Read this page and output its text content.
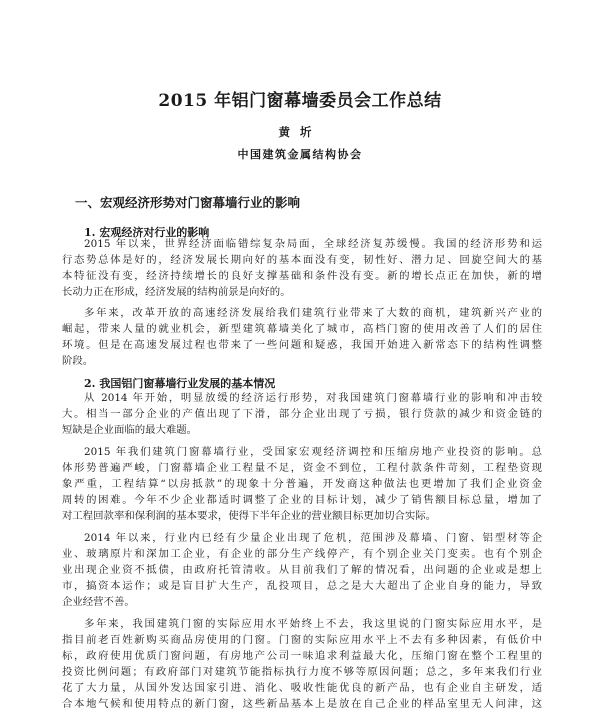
2015 年铝门窗幕墙委员会工作总结
黄圻
中国建筑金属结构协会
一、宏观经济形势对门窗幕墙行业的影响
1. 宏观经济对行业的影响
2015 年以来，世界经济面临错综复杂局面，全球经济复苏缓慢。我国的经济形势和运
行态势总体是好的，经济发展长期向好的基本面没有变，韧性好、潜力足、回旋空间大的基
本特征没有变，经济持续增长的良好支撑基础和条件没有变。新的增长点正在加快，新的增
长动力正在形成，经济发展的结构前景是向好的。
多年来，改革开放的高速经济发展给我们建筑行业带来了大数的商机，建筑新兴产业的
崛起，带来人量的就业机会，新型建筑幕墙美化了城市，高档门窗的使用改善了人们的居住
环境。但是在高速发展过程也带来了一些问题和疑惑，我国开始进入新常态下的结构性调整
阶段。
2. 我国铝门窗幕墙行业发展的基本情况
从 2014 年开始，明显放缓的经济运行形势，对我国建筑门窗幕墙行业的影响和冲击较
大。相当一部分企业的产值出现了下滑，部分企业出现了亏损，银行贷款的减少和资金链的
短缺是企业面临的最大难题。
2015 年我们建筑门窗幕墙行业，受国家宏观经济调控和压缩房地产业投资的影响。总
体形势普遍严峻，门窗幕墙企业工程量不足，资金不到位，工程付款条件苛刻，工程垫资现
象严重，工程结算“以房抵款”的现象十分普遍，开发商这种做法也更增加了我们企业资金
周转的困难。今年不少企业都适时调整了企业的目标计划，减少了销售额目标总量，增加了
对工程回款率和保利润的基本要求，使得下半年企业的营业额目标更加切合实际。
2014 年以来，行业内已经有少量企业出现了危机，范围涉及幕墙、门窗、铝型材等企
业、玻璃原片和深加工企业，有企业的部分生产线停产，有个别企业关门变卖。也有个别企
业出现企业资不抵债，由政府托管清收。从目前我们了解的情况看，出问题的企业或是想上
市，搞资本运作；或是盲目扩大生产，乱投项目，总之是大大超出了企业自身的能力，导致
企业经营不善。
多年来，我国建筑门窗的实际应用水平始终上不去，我这里说的门窗实际应用水平，是
指目前老百姓新购买商品房使用的门窗。门窗的实际应用水平上不去有多种因素，有低价中
标，政府使用优质门窗问题，有房地产公司一味追求利益最大化，压缩门窗在整个工程里的
投资比例问题；有政府部门对建筑节能指标执行力度不够等原因问题；总之，多年来我们行业
花了大力量，从国外发达国家引进、消化、吸收性能优良的新产品，也有企业自主研发，适
合本地气候和使用特点的新门窗，这些新品基本上是放在自己企业的样品室里无人问津，这
